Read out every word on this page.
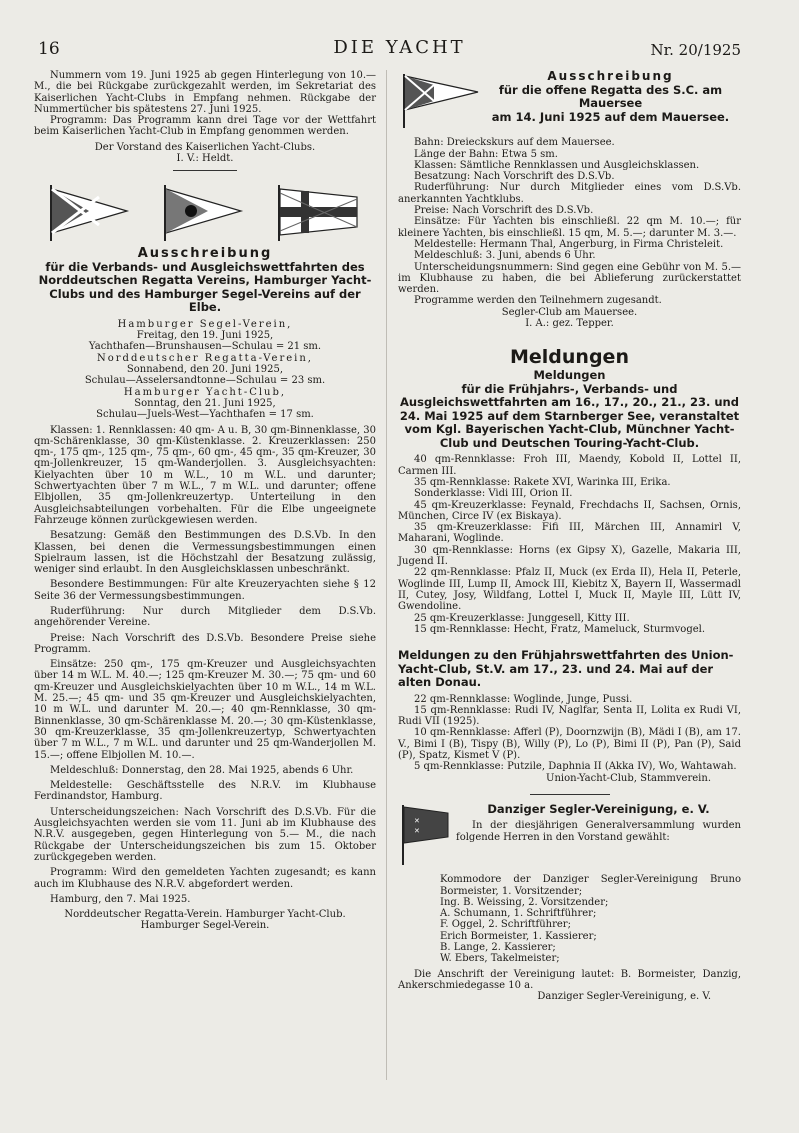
16	DIE YACHT	Nr. 20/1925

Nummern vom 19. Juni 1925 ab gegen Hinterlegung von 10.— M., die bei Rückgabe zurückgezahlt werden, im Sekretariat des Kaiserlichen Yacht-Clubs in Empfang nehmen. Rückgabe der Nummertücher bis spätestens 27. Juni 1925.

Programm: Das Programm kann drei Tage vor der Wettfahrt beim Kaiserlichen Yacht-Club in Empfang genommen werden.

Der Vorstand des Kaiserlichen Yacht-Clubs.

I. V.: Heldt.

Ausschreibung
für die Verbands- und Ausgleichswettfahrten des Norddeutschen Regatta Vereins, Hamburger Yacht-Clubs und des Hamburger Segel-Vereins auf der Elbe.

Hamburger Segel-Verein,

Freitag, den 19. Juni 1925,

Yachthafen—Brunshausen—Schulau = 21 sm.

Norddeutscher Regatta-Verein,

Sonnabend, den 20. Juni 1925,

Schulau—Asselersandtonne—Schulau = 23 sm.

Hamburger Yacht-Club,

Sonntag, den 21. Juni 1925,

Schulau—Juels-West—Yachthafen = 17 sm.

Klassen: 1. Rennklassen: 40 qm- A u. B, 30 qm-Binnenklasse, 30 qm-Schärenklasse, 30 qm-Küstenklasse. 2. Kreuzerklassen: 250 qm-, 175 qm-, 125 qm-, 75 qm-, 60 qm-, 45 qm-, 35 qm-Kreuzer, 30 qm-Jollenkreuzer, 15 qm-Wanderjollen. 3. Ausgleichsyachten: Kielyachten über 10 m W.L., 10 m W.L. und darunter; Schwertyachten über 7 m W.L., 7 m W.L. und darunter; offene Elbjollen, 35 qm-Jollenkreuzertyp. Unterteilung in den Ausgleichsabteilungen vorbehalten. Für die Elbe ungeeignete Fahrzeuge können zurückgewiesen werden.

Besatzung: Gemäß den Bestimmungen des D.S.Vb. In den Klassen, bei denen die Vermessungsbestimmungen einen Spielraum lassen, ist die Höchstzahl der Besatzung zulässig, weniger sind erlaubt. In den Ausgleichsklassen unbeschränkt.

Besondere Bestimmungen: Für alte Kreuzeryachten siehe § 12 Seite 36 der Vermessungsbestimmungen.

Ruderführung: Nur durch Mitglieder dem D.S.Vb. angehörender Vereine.

Preise: Nach Vorschrift des D.S.Vb. Besondere Preise siehe Programm.

Einsätze: 250 qm-, 175 qm-Kreuzer und Ausgleichsyachten über 14 m W.L. M. 40.—; 125 qm-Kreuzer M. 30.—; 75 qm- und 60 qm-Kreuzer und Ausgleichskielyachten über 10 m W.L., 14 m W.L. M. 25.—; 45 qm- und 35 qm-Kreuzer und Ausgleichskielyachten, 10 m W.L. und darunter M. 20.—; 40 qm-Rennklasse, 30 qm-Binnenklasse, 30 qm-Schärenklasse M. 20.—; 30 qm-Küstenklasse, 30 qm-Kreuzerklasse, 35 qm-Jollenkreuzertyp, Schwertyachten über 7 m W.L., 7 m W.L. und darunter und 25 qm-Wanderjollen M. 15.—; offene Elbjollen M. 10.—.

Meldeschluß: Donnerstag, den 28. Mai 1925, abends 6 Uhr.

Meldestelle: Geschäftsstelle des N.R.V. im Klubhause Ferdinandstor, Hamburg.

Unterscheidungszeichen: Nach Vorschrift des D.S.Vb. Für die Ausgleichsyachten werden sie vom 11. Juni ab im Klubhause des N.R.V. ausgegeben, gegen Hinterlegung von 5.— M., die nach Rückgabe der Unterscheidungszeichen bis zum 15. Oktober zurückgegeben werden.

Programm: Wird den gemeldeten Yachten zugesandt; es kann auch im Klubhause des N.R.V. abgefordert werden.

Hamburg, den 7. Mai 1925.

Norddeutscher Regatta-Verein. Hamburger Yacht-Club.

Hamburger Segel-Verein.

Ausschreibung
für die offene Regatta des S.C. am Mauersee
am 14. Juni 1925 auf dem Mauersee.

Bahn: Dreieckskurs auf dem Mauersee.

Länge der Bahn: Etwa 5 sm.

Klassen: Sämtliche Rennklassen und Ausgleichsklassen.

Besatzung: Nach Vorschrift des D.S.Vb.

Ruderführung: Nur durch Mitglieder eines vom D.S.Vb. anerkannten Yachtklubs.

Preise: Nach Vorschrift des D.S.Vb.

Einsätze: Für Yachten bis einschließl. 22 qm M. 10.—; für kleinere Yachten, bis einschließl. 15 qm, M. 5.—; darunter M. 3.—.

Meldestelle: Hermann Thal, Angerburg, in Firma Christeleit.

Meldeschluß: 3. Juni, abends 6 Uhr.

Unterscheidungsnummern: Sind gegen eine Gebühr von M. 5.— im Klubhause zu haben, die bei Ablieferung zurückerstattet werden.

Programme werden den Teilnehmern zugesandt.

Segler-Club am Mauersee.

I. A.: gez. Tepper.

Meldungen
Meldungen
für die Frühjahrs-, Verbands- und Ausgleichswettfahrten am 16., 17., 20., 21., 23. und 24. Mai 1925 auf dem Starnberger See, veranstaltet vom Kgl. Bayerischen Yacht-Club, Münchner Yacht-Club und Deutschen Touring-Yacht-Club.

40 qm-Rennklasse: Froh III, Maendy, Kobold II, Lottel II, Carmen III.

35 qm-Rennklasse: Rakete XVI, Warinka III, Erika.

Sonderklasse: Vidi III, Orion II.

45 qm-Kreuzerklasse: Feynald, Frechdachs II, Sachsen, Ornis, München, Circe IV (ex Biskaya).

35 qm-Kreuzerklasse: Fifi III, Märchen III, Annamirl V, Maharani, Woglinde.

30 qm-Rennklasse: Horns (ex Gipsy X), Gazelle, Makaria III, Jugend II.

22 qm-Rennklasse: Pfalz II, Muck (ex Erda II), Hela II, Peterle, Woglinde III, Lump II, Amock III, Kiebitz X, Bayern II, Wassermadl II, Cutey, Josy, Wildfang, Lottel I, Muck II, Mayle III, Lütt IV, Gwendoline.

25 qm-Kreuzerklasse: Junggesell, Kitty III.

15 qm-Rennklasse: Hecht, Fratz, Mameluck, Sturmvogel.

Meldungen zu den Frühjahrswettfahrten des Union-Yacht-Club, St.V. am 17., 23. und 24. Mai auf der alten Donau.

22 qm-Rennklasse: Woglinde, Junge, Pussi.

15 qm-Rennklasse: Rudi IV, Naglfar, Senta II, Lolita ex Rudi VI, Rudi VII (1925).

10 qm-Rennklasse: Afferl (P), Doornzwijn (B), Mädi I (B), am 17. V., Bimi I (B), Tispy (B), Willy (P), Lo (P), Bimi II (P), Pan (P), Said (P), Spatz, Kismet V (P).

5 qm-Rennklasse: Putzile, Daphnia II (Akka IV), Wo, Wahtawah.

Union-Yacht-Club, Stammverein.

✕
✕
Danziger Segler-Vereinigung, e. V.

In der diesjährigen Generalversammlung wurden folgende Herren in den Vorstand gewählt:

Kommodore der Danziger Segler-Vereinigung Bruno Bormeister, 1. Vorsitzender;

Ing. B. Weissing, 2. Vorsitzender;

A. Schumann, 1. Schriftführer;

F. Oggel, 2. Schriftführer;

Erich Bormeister, 1. Kassierer;

B. Lange, 2. Kassierer;

W. Ebers, Takelmeister;

Die Anschrift der Vereinigung lautet: B. Bormeister, Danzig, Ankerschmiedegasse 10 a.

Danziger Segler-Vereinigung, e. V.
